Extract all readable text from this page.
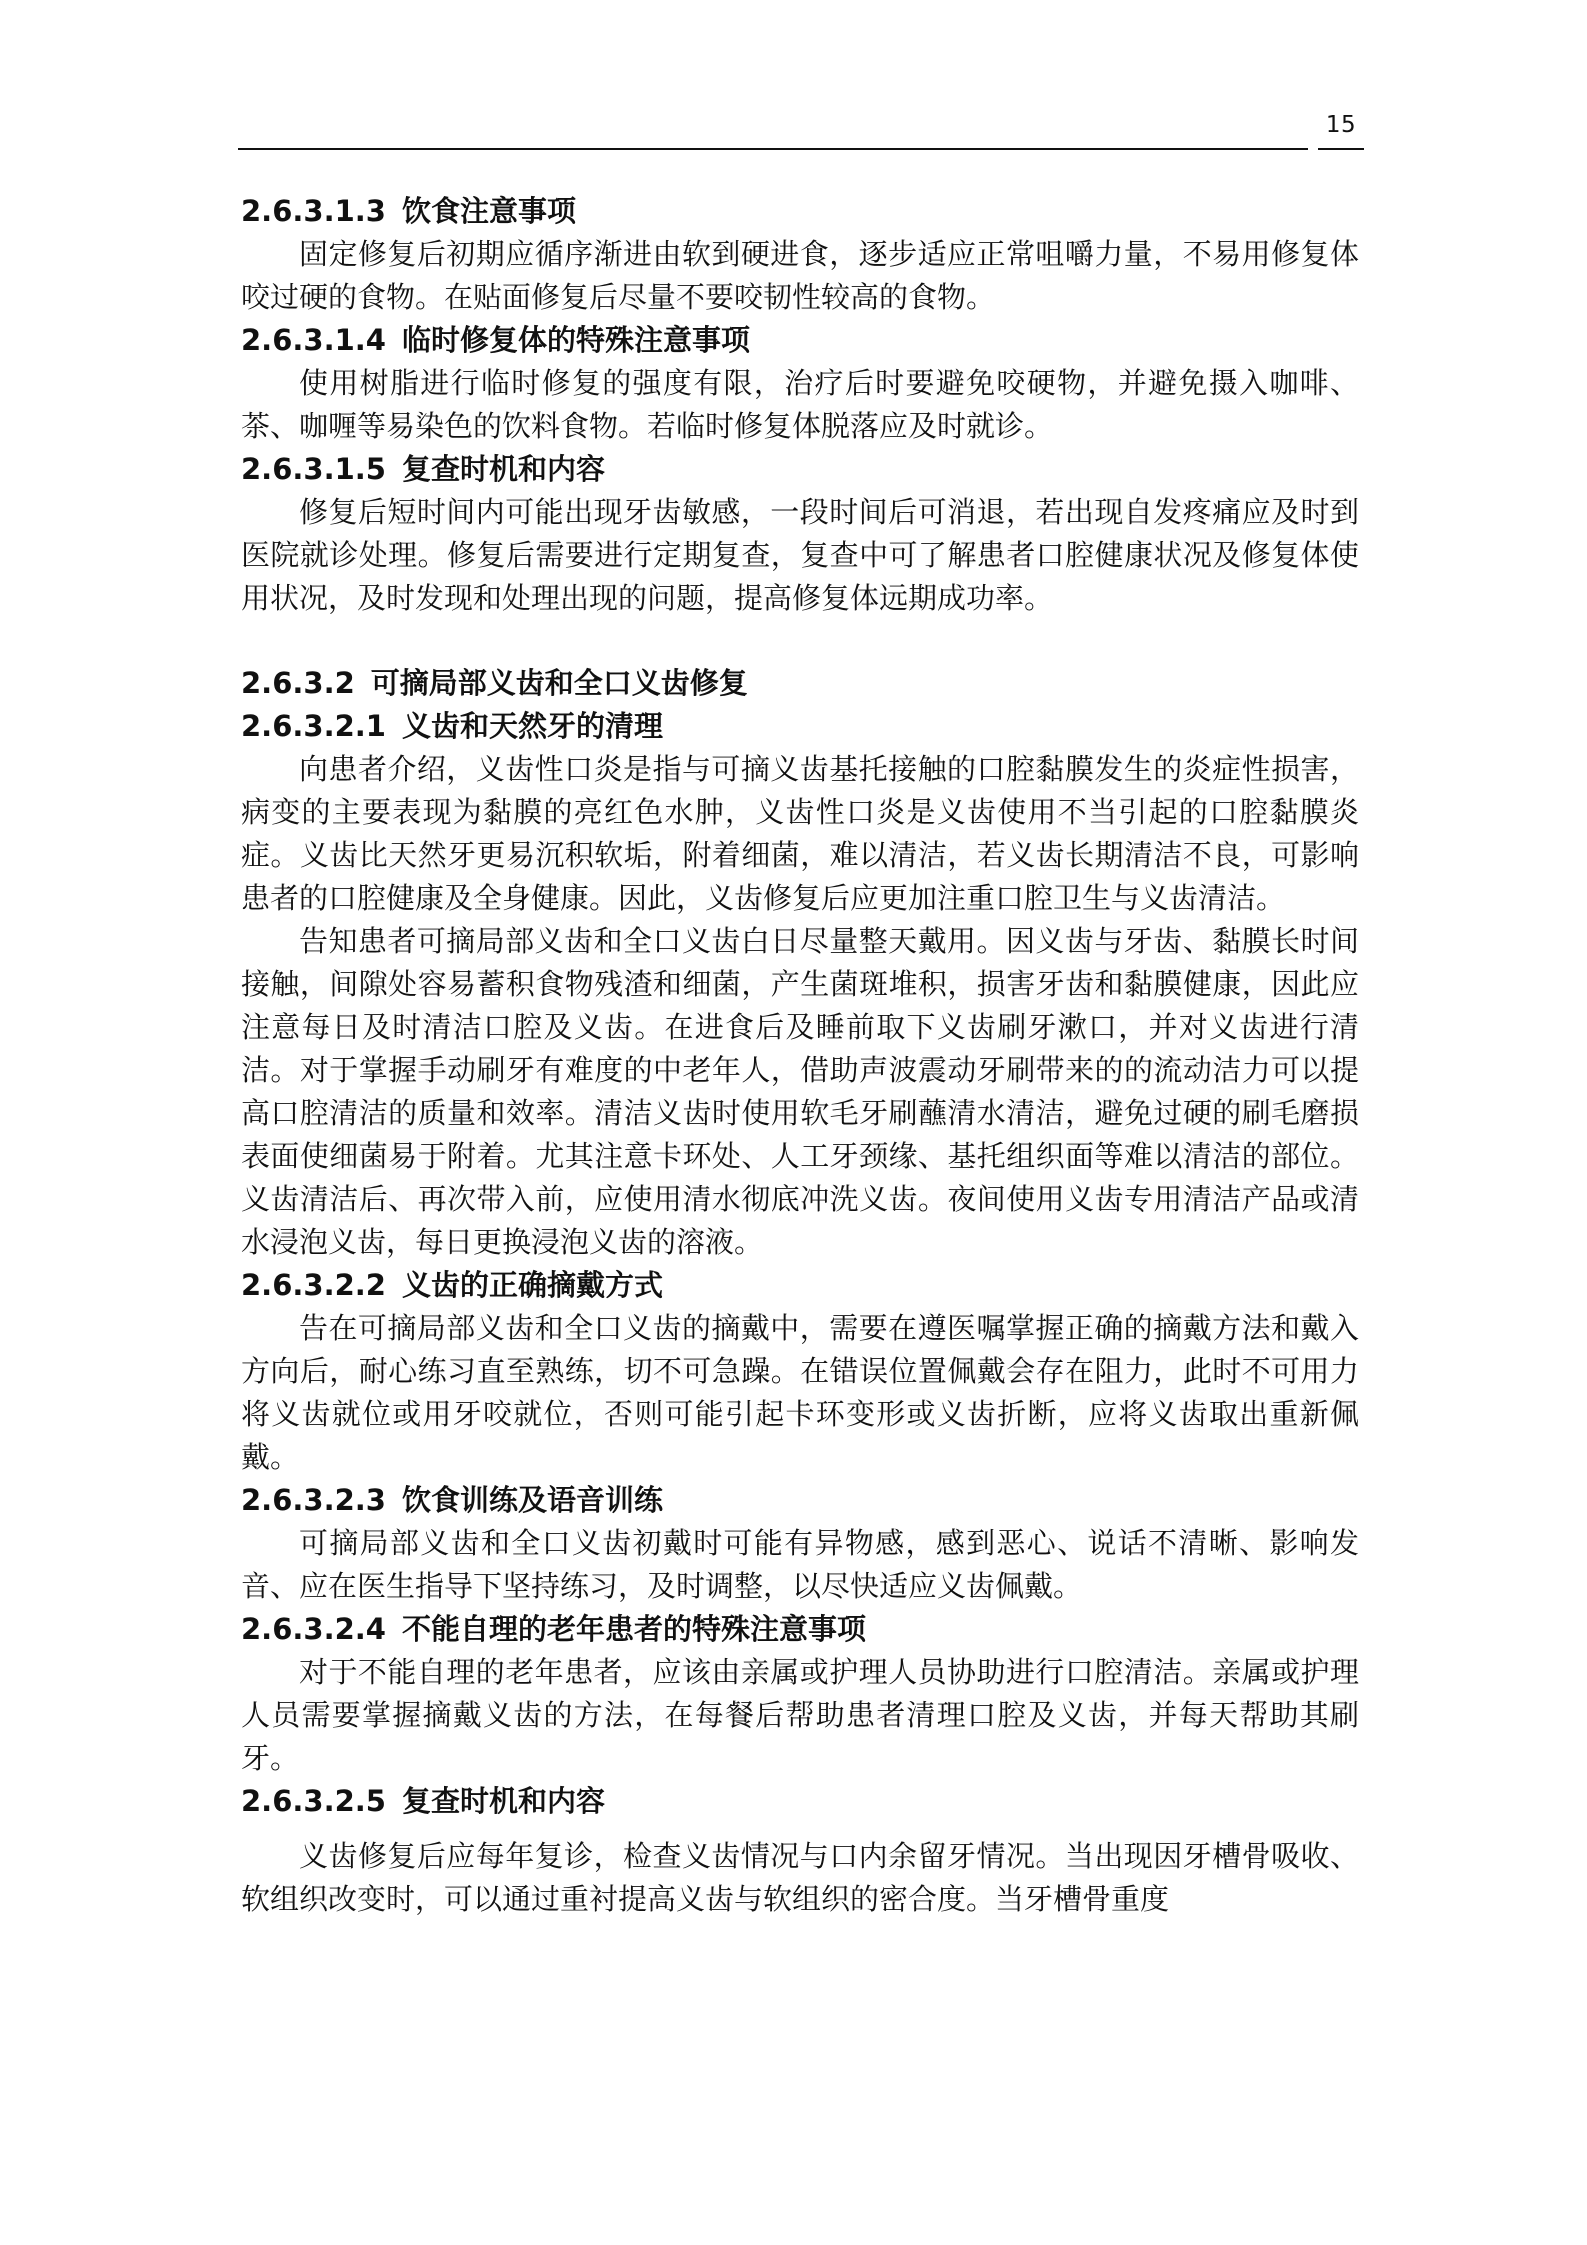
15
2.6.3.1.3 饮食注意事项

固定修复后初期应循序渐进由软到硬进食，逐步适应正常咀嚼力量，不易用修复体咬过硬的食物。在贴面修复后尽量不要咬韧性较高的食物。

2.6.3.1.4 临时修复体的特殊注意事项

使用树脂进行临时修复的强度有限，治疗后时要避免咬硬物，并避免摄入咖啡、茶、咖喱等易染色的饮料食物。若临时修复体脱落应及时就诊。

2.6.3.1.5 复查时机和内容

修复后短时间内可能出现牙齿敏感，一段时间后可消退，若出现自发疼痛应及时到医院就诊处理。修复后需要进行定期复查，复查中可了解患者口腔健康状况及修复体使用状况，及时发现和处理出现的问题，提高修复体远期成功率。

2.6.3.2 可摘局部义齿和全口义齿修复
2.6.3.2.1 义齿和天然牙的清理

向患者介绍，义齿性口炎是指与可摘义齿基托接触的口腔黏膜发生的炎症性损害，病变的主要表现为黏膜的亮红色水肿，义齿性口炎是义齿使用不当引起的口腔黏膜炎症。义齿比天然牙更易沉积软垢，附着细菌，难以清洁，若义齿长期清洁不良，可影响患者的口腔健康及全身健康。因此，义齿修复后应更加注重口腔卫生与义齿清洁。

告知患者可摘局部义齿和全口义齿白日尽量整天戴用。因义齿与牙齿、黏膜长时间接触，间隙处容易蓄积食物残渣和细菌，产生菌斑堆积，损害牙齿和黏膜健康，因此应注意每日及时清洁口腔及义齿。在进食后及睡前取下义齿刷牙漱口，并对义齿进行清洁。对于掌握手动刷牙有难度的中老年人，借助声波震动牙刷带来的的流动洁力可以提高口腔清洁的质量和效率。清洁义齿时使用软毛牙刷蘸清水清洁，避免过硬的刷毛磨损表面使细菌易于附着。尤其注意卡环处、人工牙颈缘、基托组织面等难以清洁的部位。义齿清洁后、再次带入前，应使用清水彻底冲洗义齿。夜间使用义齿专用清洁产品或清水浸泡义齿，每日更换浸泡义齿的溶液。

2.6.3.2.2 义齿的正确摘戴方式

告在可摘局部义齿和全口义齿的摘戴中，需要在遵医嘱掌握正确的摘戴方法和戴入方向后，耐心练习直至熟练，切不可急躁。在错误位置佩戴会存在阻力，此时不可用力将义齿就位或用牙咬就位，否则可能引起卡环变形或义齿折断，应将义齿取出重新佩戴。

2.6.3.2.3 饮食训练及语音训练

可摘局部义齿和全口义齿初戴时可能有异物感，感到恶心、说话不清晰、影响发音、应在医生指导下坚持练习，及时调整，以尽快适应义齿佩戴。

2.6.3.2.4 不能自理的老年患者的特殊注意事项

对于不能自理的老年患者，应该由亲属或护理人员协助进行口腔清洁。亲属或护理人员需要掌握摘戴义齿的方法，在每餐后帮助患者清理口腔及义齿，并每天帮助其刷牙。

2.6.3.2.5 复查时机和内容

义齿修复后应每年复诊，检查义齿情况与口内余留牙情况。当出现因牙槽骨吸收、软组织改变时，可以通过重衬提高义齿与软组织的密合度。当牙槽骨重度
